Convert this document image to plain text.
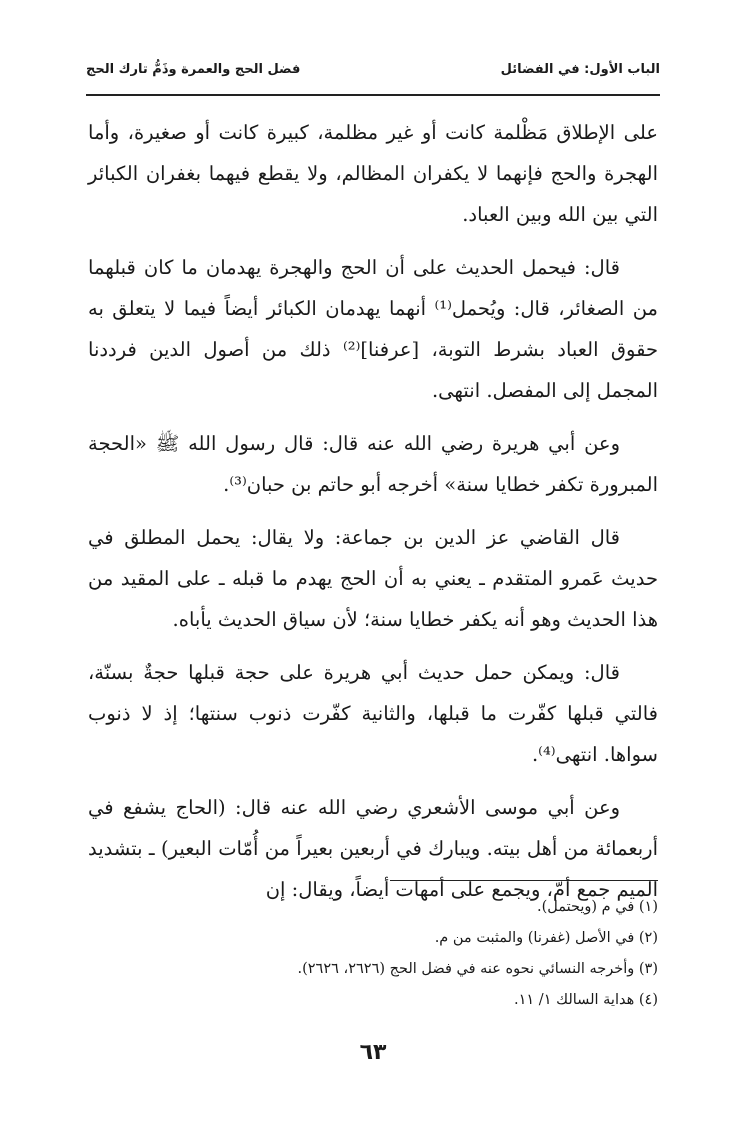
الباب الأول: في الفضائل
فضل الحج والعمرة وذَمُّ تارك الحج

على الإطلاق مَظْلمة كانت أو غير مظلمة، كبيرة كانت أو صغيرة، وأما الهجرة والحج فإنهما لا يكفران المظالم، ولا يقطع فيهما بغفران الكبائر التي بين الله وبين العباد.

قال: فيحمل الحديث على أن الحج والهجرة يهدمان ما كان قبلهما من الصغائر، قال: ويُحمل⁽¹⁾ أنهما يهدمان الكبائر أيضاً فيما لا يتعلق به حقوق العباد بشرط التوبة، [عرفنا]⁽²⁾ ذلك من أصول الدين فرددنا المجمل إلى المفصل. انتهى.

وعن أبي هريرة رضي الله عنه قال: قال رسول الله ﷺ «الحجة المبرورة تكفر خطايا سنة» أخرجه أبو حاتم بن حبان⁽³⁾.

قال القاضي عز الدين بن جماعة: ولا يقال: يحمل المطلق في حديث عَمرو المتقدم ـ يعني به أن الحج يهدم ما قبله ـ على المقيد من هذا الحديث وهو أنه يكفر خطايا سنة؛ لأن سياق الحديث يأباه.

قال: ويمكن حمل حديث أبي هريرة على حجة قبلها حجةٌ بسنّة، فالتي قبلها كفّرت ما قبلها، والثانية كفّرت ذنوب سنتها؛ إذ لا ذنوب سواها. انتهى⁽⁴⁾.

وعن أبي موسى الأشعري رضي الله عنه قال: (الحاج يشفع في أربعمائة من أهل بيته. ويبارك في أربعين بعيراً من أُمّات البعير) ـ بتشديد الميم جمع أمّ، ويجمع على أمهات أيضاً، ويقال: إن

(١) في م (ويحتمل).
(٢) في الأصل (غفرنا) والمثبت من م.
(٣) وأخرجه النسائي نحوه عنه في فضل الحج (٢٦٢٦، ٢٦٢٦).
(٤) هداية السالك ١/ ١١.
٦٣
